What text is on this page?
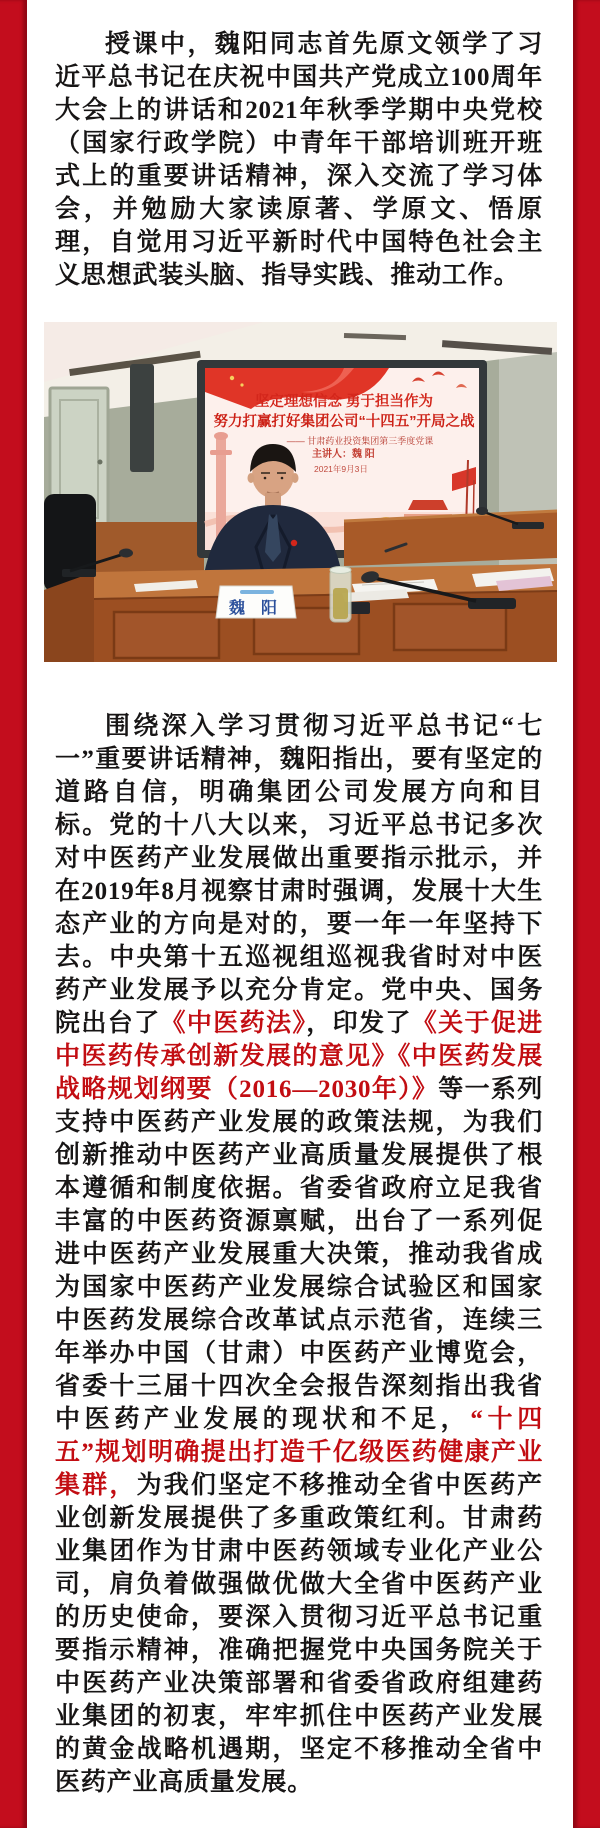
授课中，魏阳同志首先原文领学了习近平总书记在庆祝中国共产党成立100周年大会上的讲话和2021年秋季学期中央党校（国家行政学院）中青年干部培训班开班式上的重要讲话精神，深入交流了学习体会，并勉励大家读原著、学原文、悟原理，自觉用习近平新时代中国特色社会主义思想武装头脑、指导实践、推动工作。

坚定理想信念 勇于担当作为
努力打赢打好集团公司“十四五”开局之战
—— 甘肃药业投资集团第三季度党课
主讲人：魏 阳
2021年9月3日
魏 阳

围绕深入学习贯彻习近平总书记“七一”重要讲话精神，魏阳指出，要有坚定的道路自信，明确集团公司发展方向和目标。党的十八大以来，习近平总书记多次对中医药产业发展做出重要指示批示，并在2019年8月视察甘肃时强调，发展十大生态产业的方向是对的，要一年一年坚持下去。中央第十五巡视组巡视我省时对中医药产业发展予以充分肯定。党中央、国务院出台了《中医药法》，印发了《关于促进中医药传承创新发展的意见》《中医药发展战略规划纲要（2016—2030年）》等一系列支持中医药产业发展的政策法规，为我们创新推动中医药产业高质量发展提供了根本遵循和制度依据。省委省政府立足我省丰富的中医药资源禀赋，出台了一系列促进中医药产业发展重大决策，推动我省成为国家中医药产业发展综合试验区和国家中医药发展综合改革试点示范省，连续三年举办中国（甘肃）中医药产业博览会，省委十三届十四次全会报告深刻指出我省中医药产业发展的现状和不足，“十四五”规划明确提出打造千亿级医药健康产业集群，为我们坚定不移推动全省中医药产业创新发展提供了多重政策红利。甘肃药业集团作为甘肃中医药领域专业化产业公司，肩负着做强做优做大全省中医药产业的历史使命，要深入贯彻习近平总书记重要指示精神，准确把握党中央国务院关于中医药产业决策部署和省委省政府组建药业集团的初衷，牢牢抓住中医药产业发展的黄金战略机遇期，坚定不移推动全省中医药产业高质量发展。
